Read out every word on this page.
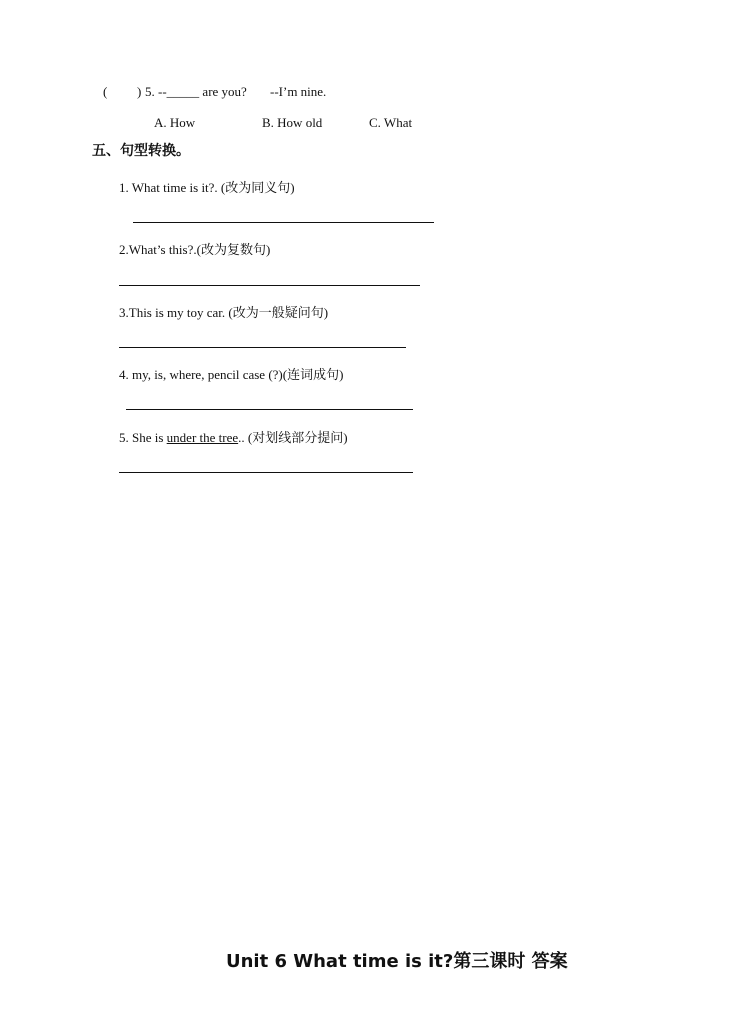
( ) 5. --_____ are you? --I’m nine.
A. How	B. How old	C. What
五、句型转换。
1. What time is it?. (改为同义句)
2.What’s this?.(改为复数句)
3.This is my toy car. (改为一般疑问句)
4. my, is, where, pencil case (?)(连词成句)
5. She is under the tree.. (对划线部分提问)
Unit 6 What time is it?第三课时 答案
